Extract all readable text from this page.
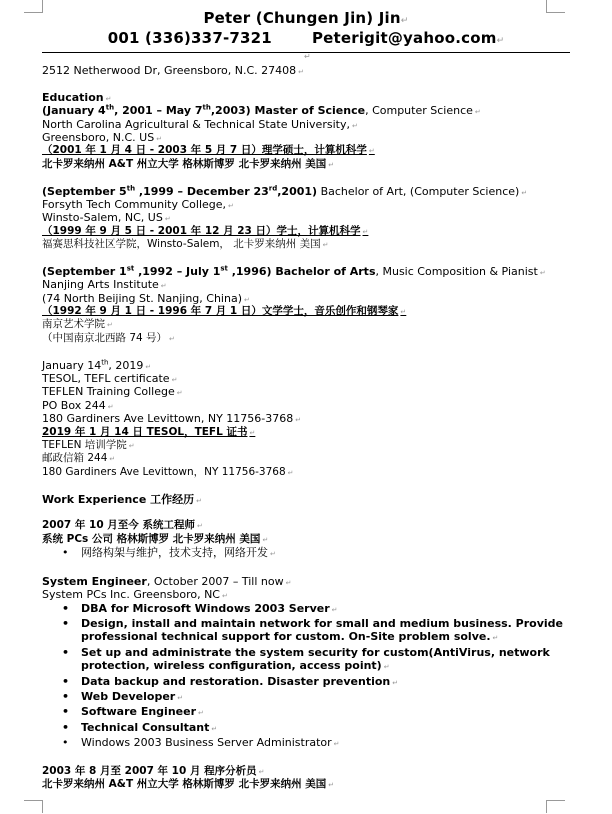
Peter (Chungen Jin) Jin↵
001 (336)337-7321	Peterigit@yahoo.com↵
↵
2512 Netherwood Dr, Greensboro, N.C. 27408 ↵
Education ↵
(January 4th, 2001 – May 7th,2003) Master of Science, Computer Science ↵
North Carolina Agricultural & Technical State University, ↵
Greensboro, N.C. US ↵
（2001 年 1 月 4 日 - 2003 年 5 月 7 日）理学硕士，计算机科学 ↵
北卡罗来纳州 A&T 州立大学 格林斯博罗 北卡罗来纳州 美国 ↵
(September 5th ,1999 – December 23rd,2001) Bachelor of Art, (Computer Science) ↵
Forsyth Tech Community College, ↵
Winsto-Salem, NC, US ↵
（1999 年 9 月 5 日 - 2001 年 12 月 23 日）学士，计算机科学 ↵
福赛思科技社区学院，Winsto-Salem， 北卡罗来纳州 美国 ↵
(September 1st ,1992 – July 1st ,1996) Bachelor of Arts, Music Composition & Pianist ↵
Nanjing Arts Institute ↵
(74 North Beijing St. Nanjing, China) ↵
（1992 年 9 月 1 日 - 1996 年 7 月 1 日）文学学士，音乐创作和钢琴家 ↵
南京艺术学院 ↵
（中国南京北西路 74 号） ↵
January 14th, 2019 ↵
TESOL, TEFL certificate ↵
TEFLEN Training College ↵
PO Box 244 ↵
180 Gardiners Ave Levittown, NY 11756-3768 ↵
2019 年 1 月 14 日 TESOL，TEFL 证书 ↵
TEFLEN 培训学院 ↵
邮政信箱 244 ↵
180 Gardiners Ave Levittown，NY 11756-3768 ↵
Work Experience 工作经历 ↵
2007 年 10 月至今 系统工程师 ↵
系统 PCs 公司 格林斯博罗 北卡罗来纳州 美国 ↵
• 网络构架与维护，技术支持，网络开发 ↵
System Engineer, October 2007 – Till now ↵
System PCs Inc. Greensboro, NC ↵
• DBA for Microsoft Windows 2003 Server ↵
• Design, install and maintain network for small and medium business. Provide professional technical support for custom. On-Site problem solve. ↵
• Set up and administrate the system security for custom(AntiVirus, network protection, wireless configuration, access point) ↵
• Data backup and restoration. Disaster prevention ↵
• Web Developer ↵
• Software Engineer ↵
• Technical Consultant ↵
• Windows 2003 Business Server Administrator ↵
2003 年 8 月至 2007 年 10 月 程序分析员 ↵
北卡罗来纳州 A&T 州立大学 格林斯博罗 北卡罗来纳州 美国 ↵
